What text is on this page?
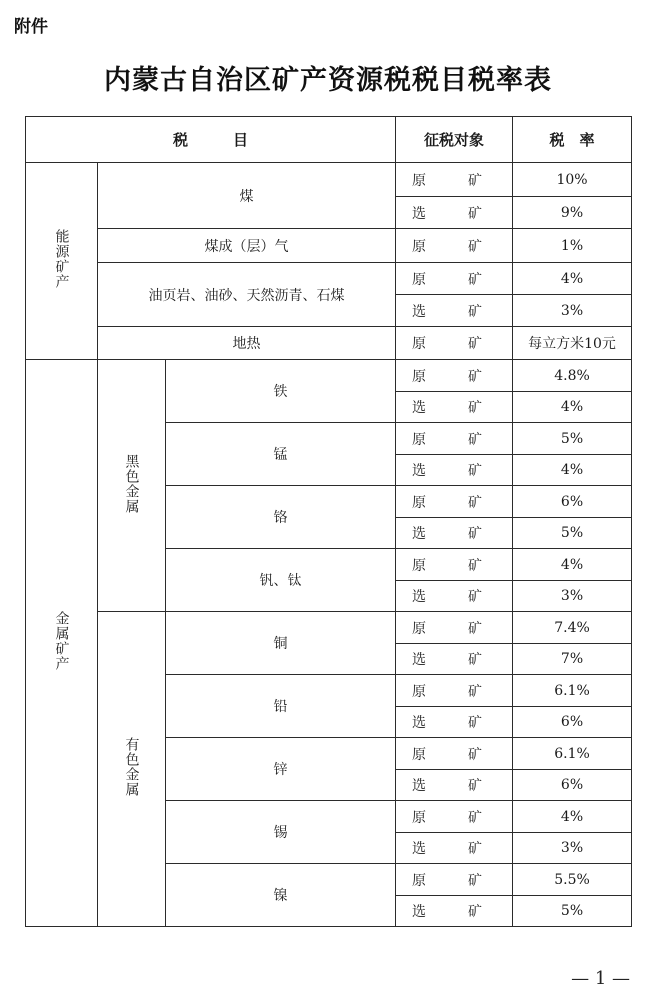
附件
内蒙古自治区矿产资源税税目税率表
税　　　目			征税对象	税　率
能源矿产	煤		原　矿	10%
			选　矿	9%
	煤成（层）气		原　矿	1%
	油页岩、油砂、天然沥青、石煤		原　矿	4%
			选　矿	3%
	地热		原　矿	每立方米10元
金属矿产	黑色金属	铁	原　矿	4.8%
			选　矿	4%
		锰	原　矿	5%
			选　矿	4%
		铬	原　矿	6%
			选　矿	5%
		钒、钛	原　矿	4%
			选　矿	3%
	有色金属	铜	原　矿	7.4%
			选　矿	7%
		铅	原　矿	6.1%
			选　矿	6%
		锌	原　矿	6.1%
			选　矿	6%
		锡	原　矿	4%
			选　矿	3%
		镍	原　矿	5.5%
			选　矿	5%
— 1 —
